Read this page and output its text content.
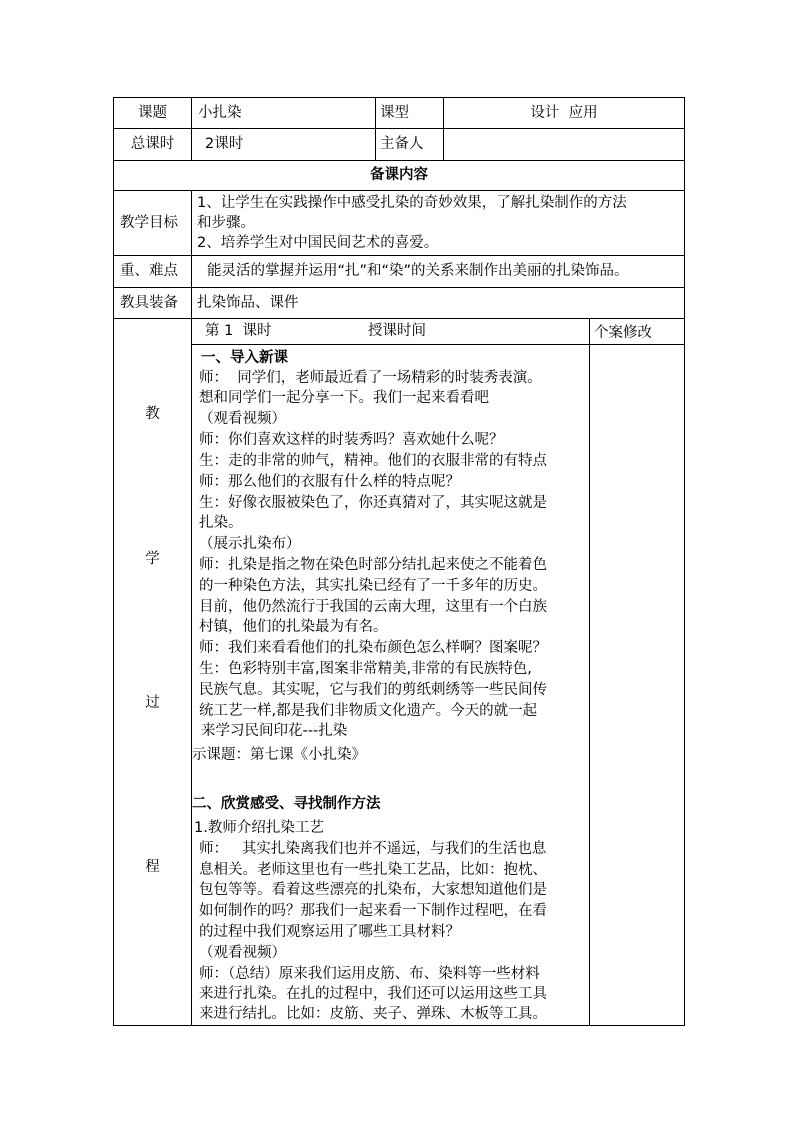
课题	小扎染	课型	设计  应用
总课时	2课时	主备人
备课内容
教学目标
1、让学生在实践操作中感受扎染的奇妙效果，了解扎染制作的方法
和步骤。
2、培养学生对中国民间艺术的喜爱。
重、难点 能灵活的掌握并运用“扎”和“染”的关系来制作出美丽的扎染饰品。
教具装备 扎染饰品、课件
教
学
过
程
第 1  课时	授课时间	个案修改
一、导入新课
师：  同学们，老师最近看了一场精彩的时装秀表演。
想和同学们一起分享一下。我们一起来看看吧
（观看视频）
师：你们喜欢这样的时装秀吗？喜欢她什么呢？
生：走的非常的帅气，精神。他们的衣服非常的有特点
师：那么他们的衣服有什么样的特点呢？
生：好像衣服被染色了，你还真猜对了，其实呢这就是
扎染。
（展示扎染布）
师：扎染是指之物在染色时部分结扎起来使之不能着色
的一种染色方法，其实扎染已经有了一千多年的历史。
目前，他仍然流行于我国的云南大理，这里有一个白族
村镇，他们的扎染最为有名。
师：我们来看看他们的扎染布颜色怎么样啊？图案呢？
生：色彩特别丰富,图案非常精美,非常的有民族特色,
民族气息。其实呢，它与我们的剪纸刺绣等一些民间传
统工艺一样,都是我们非物质文化遗产。今天的就一起
来学习民间印花---扎染
示课题：第七课《小扎染》
二、欣赏感受、寻找制作方法
1.教师介绍扎染工艺
师：   其实扎染离我们也并不遥远，与我们的生活也息
息相关。老师这里也有一些扎染工艺品，比如：抱枕、
包包等等。看着这些漂亮的扎染布，大家想知道他们是
如何制作的吗？那我们一起来看一下制作过程吧，在看
的过程中我们观察运用了哪些工具材料？
（观看视频）
师：（总结）原来我们运用皮筋、布、染料等一些材料
来进行扎染。在扎的过程中，我们还可以运用这些工具
来进行结扎。比如：皮筋、夹子、弹珠、木板等工具。
